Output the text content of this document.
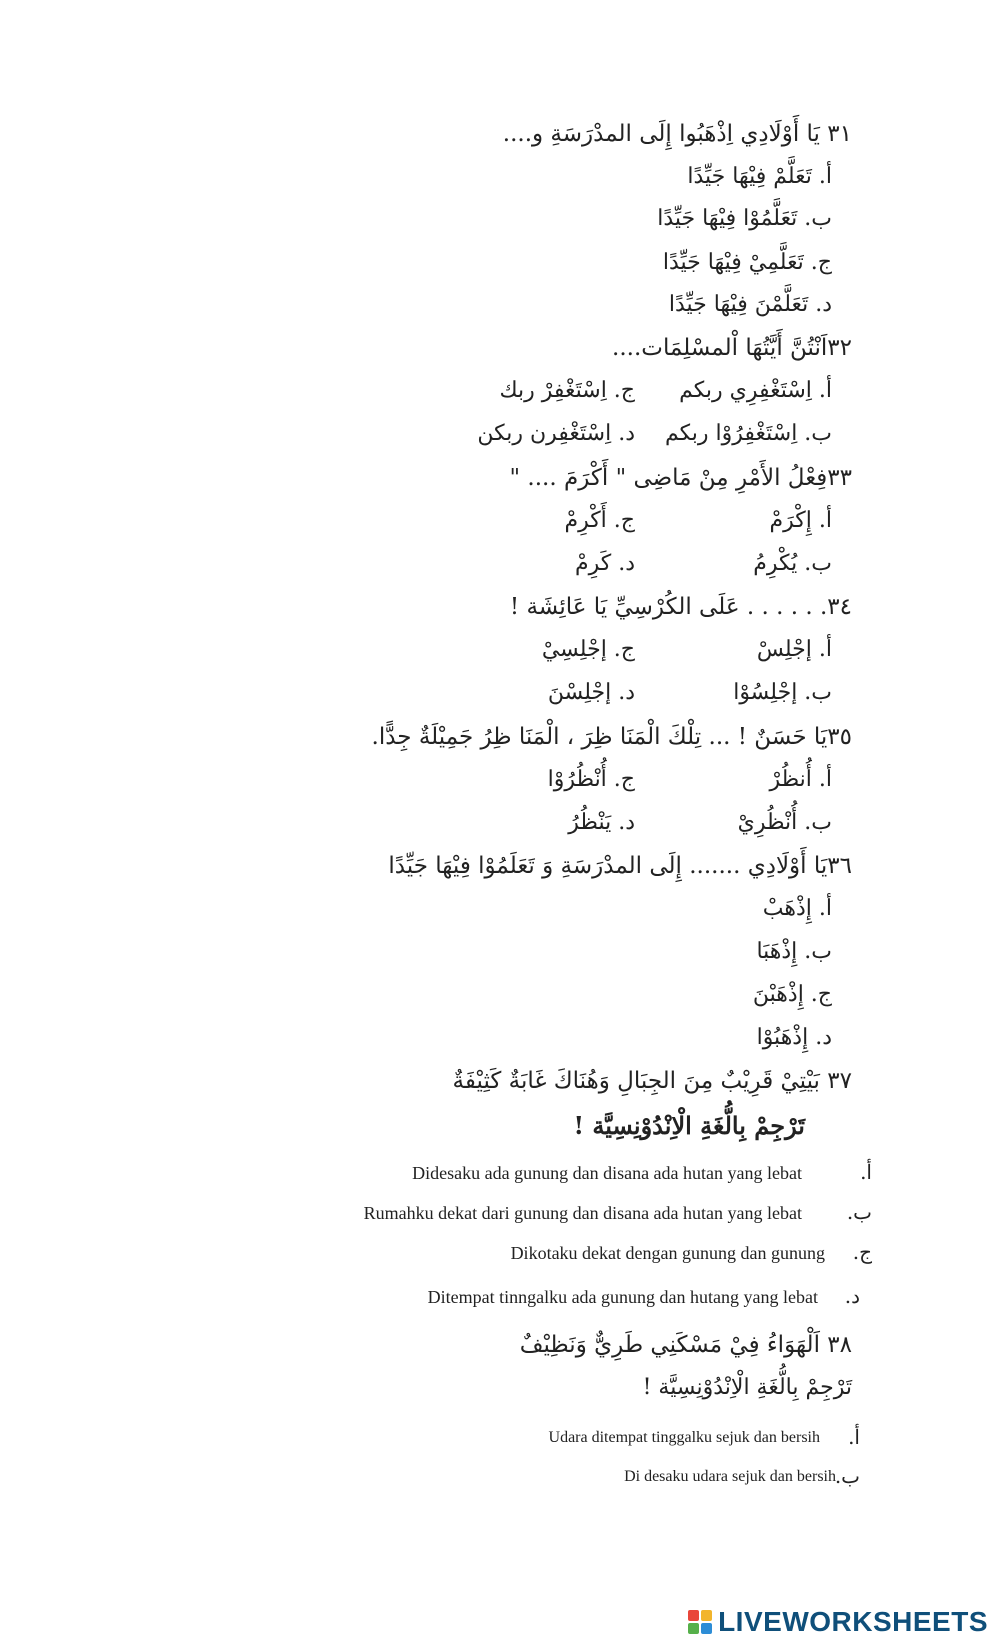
٣١ يَا أَوْلَادِي اِذْهَبُوا إِلَى المدْرَسَةِ و....
أ. تَعَلَّمْ فِيْهَا جَيِّدًا
ب. تَعَلَّمُوْا فِيْهَا جَيِّدًا
ج. تَعَلَّمِيْ فِيْهَا جَيِّدًا
د. تَعَلَّمْنَ فِيْهَا جَيِّدًا
٣٢اَنْتُنَّ أَيَّتُهَا اْلمسْلِمَات....
أ. اِسْتَغْفِرِي ربكم
ج. اِسْتَغْفِرْ ربك
ب. اِسْتَغْفِرُوْا ربكم
د. اِسْتَغْفِرن ربكن
٣٣فِعْلُ الأَمْرِ مِنْ مَاضِى " أَكْرَمَ .... "
أ. إِكْرَمْ
ج. أَكْرِمْ
ب. يُكْرِمُ
د. كَرِمْ
٣٤. . . . . . عَلَى الكُرْسِيِّ يَا عَائِشَة !
أ. إجْلِسْ
ج. إجْلِسِيْ
ب. إجْلِسُوْا
د. إجْلِسْنَ
٣٥يَا حَسَنٌ ! ... تِلْكَ الْمَنَا ظِرَ ، الْمَنَا ظِرُ جَمِيْلَةٌ جِدًّا.
أ. أُنظُرْ
ج. أُنْظُرُوْا
ب. أُنْظُرِيْ
د. يَنْظُرُ
٣٦يَا أَوْلَادِي ....... إِلَى المدْرَسَةِ وَ تَعَلَمُوْا فِيْهَا جَيِّدًا
أ. إِذْهَبْ
ب. إِذْهَبَا
ج. إِذْهَبْنَ
د. إِذْهَبُوْا
٣٧ بَيْتِيْ قَرِيْبٌ مِنَ الجِبَالِ وَهُنَاكَ غَابَةٌ كَثِيْفَةٌ
تَرْجِمْ بِالُّغَةِ الْاِنْدُوْنِسِيَّة !
أ.
Didesaku ada gunung dan disana ada hutan yang lebat
ب.
Rumahku dekat dari gunung dan disana ada hutan yang lebat
ج.
Dikotaku dekat dengan gunung dan gunung
د.
Ditempat tinngalku ada gunung dan hutang yang lebat
٣٨ اَلْهَوَاءُ فِيْ مَسْكَنِي طَرِيٌّ وَنَظِيْفٌ
تَرْجِمْ بِالُّغَةِ الْاِنْدُوْنِسِيَّة !
أ.
Udara ditempat tinggalku sejuk dan bersih
ب.
Di desaku udara sejuk dan bersih
LIVEWORKSHEETS
